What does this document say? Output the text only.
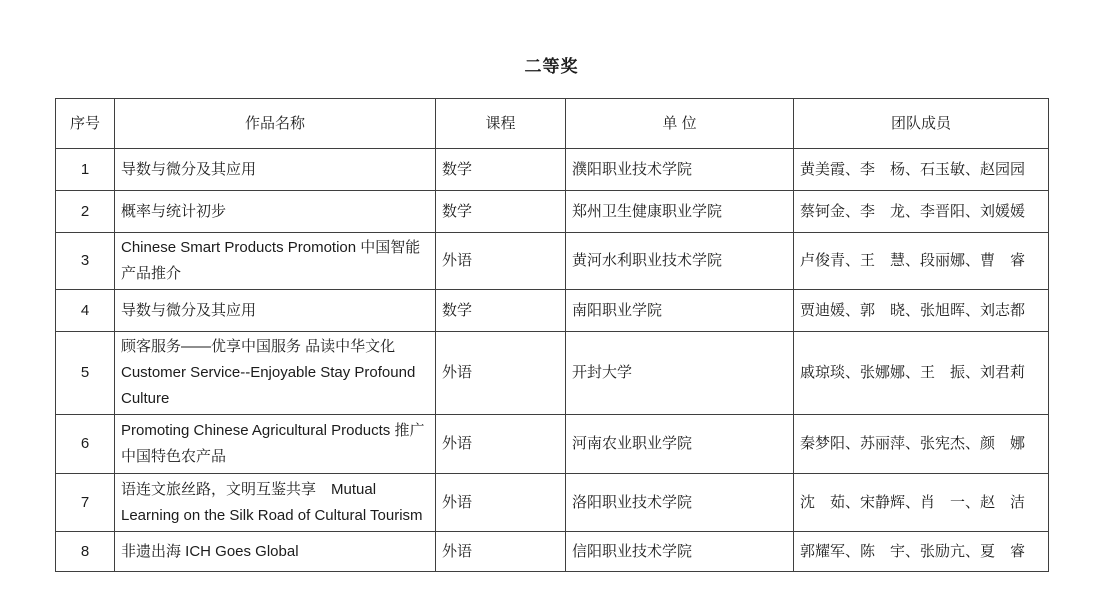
二等奖
序号	作品名称	课程	单 位	团队成员
1	导数与微分及其应用	数学	濮阳职业技术学院	黄美霞、李　杨、石玉敏、赵园园
2	概率与统计初步	数学	郑州卫生健康职业学院	蔡钶金、李　龙、李晋阳、刘媛媛
3	Chinese Smart Products Promotion 中国智能产品推介	外语	黄河水利职业技术学院	卢俊青、王　慧、段丽娜、曹　睿
4	导数与微分及其应用	数学	南阳职业学院	贾迪媛、郭　晓、张旭晖、刘志都
5	顾客服务——优享中国服务 品读中华文化 Customer Service--Enjoyable Stay Profound Culture	外语	开封大学	戚琼琰、张娜娜、王　振、刘君莉
6	Promoting Chinese Agricultural Products 推广中国特色农产品	外语	河南农业职业学院	秦梦阳、苏丽萍、张宪杰、颜　娜
7	语连文旅丝路，文明互鉴共享　Mutual Learning on the Silk Road of Cultural Tourism	外语	洛阳职业技术学院	沈　茹、宋静辉、肖　一、赵　洁
8	非遗出海 ICH Goes Global	外语	信阳职业技术学院	郭耀军、陈　宇、张励亢、夏　睿
